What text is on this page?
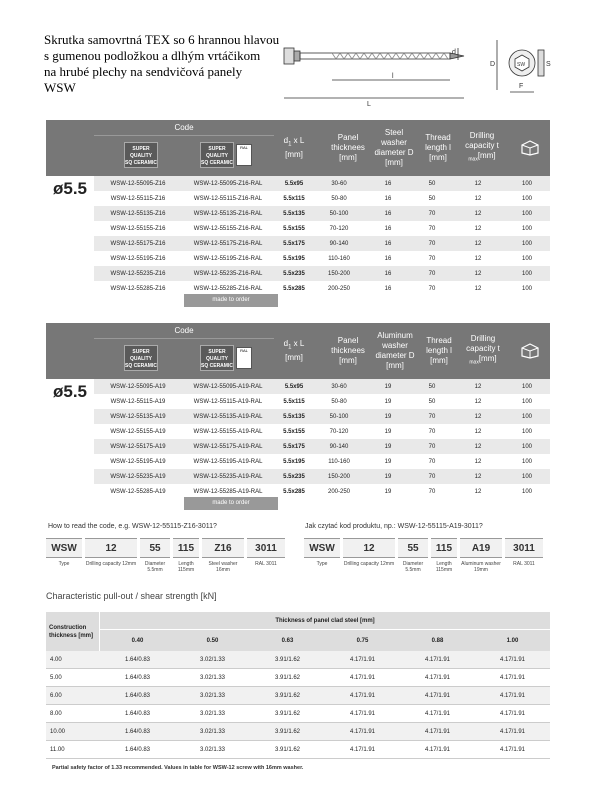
Skrutka samovrtná TEX so 6 hrannou hlavou
s gumenou podložkou a dlhým vrtáčikom
na hrubé plechy na sendvičová panely
WSW
d
l
L
D	SW	S
F
Code
SUPER
QUALITY
SQ CERAMIC
SUPER
QUALITY
SQ CERAMIC
RAL
$d_1$ x L
[mm]
Panel thicknees [mm]
Steel washer diameter D [mm]
Thread length l [mm]
Drilling capacity t
$_{max}$[mm]
ø5.5	WSW-12-55095-Z16	WSW-12-55095-Z16-RAL	5.5x95	30-60	16	50	12	100
WSW-12-55115-Z16	WSW-12-55115-Z16-RAL	5.5x115	50-80	16	50	12	100
WSW-12-55135-Z16	WSW-12-55135-Z16-RAL	5.5x135	50-100	16	70	12	100
WSW-12-55155-Z16	WSW-12-55155-Z16-RAL	5.5x155	70-120	16	70	12	100
WSW-12-55175-Z16	WSW-12-55175-Z16-RAL	5.5x175	90-140	16	70	12	100
WSW-12-55195-Z16	WSW-12-55195-Z16-RAL	5.5x195	110-160	16	70	12	100
WSW-12-55235-Z16	WSW-12-55235-Z16-RAL	5.5x235	150-200	16	70	12	100
WSW-12-55285-Z16	WSW-12-55285-Z16-RAL	5.5x285	200-250	16	70	12	100
made to order
Code
SUPER
QUALITY
SQ CERAMIC
SUPER
QUALITY
SQ CERAMIC
RAL
$d_1$ x L
[mm]
Panel thicknees [mm]
Aluminum washer diameter D [mm]
Thread length l [mm]
Drilling capacity t
$_{max}$[mm]
ø5.5	WSW-12-55095-A19	WSW-12-55095-A19-RAL	5.5x95	30-60	19	50	12	100
WSW-12-55115-A19	WSW-12-55115-A19-RAL	5.5x115	50-80	19	50	12	100
WSW-12-55135-A19	WSW-12-55135-A19-RAL	5.5x135	50-100	19	70	12	100
WSW-12-55155-A19	WSW-12-55155-A19-RAL	5.5x155	70-120	19	70	12	100
WSW-12-55175-A19	WSW-12-55175-A19-RAL	5.5x175	90-140	19	70	12	100
WSW-12-55195-A19	WSW-12-55195-A19-RAL	5.5x195	110-160	19	70	12	100
WSW-12-55235-A19	WSW-12-55235-A19-RAL	5.5x235	150-200	19	70	12	100
WSW-12-55285-A19	WSW-12-55285-A19-RAL	5.5x285	200-250	19	70	12	100
made to order
How to read the code, e.g. WSW-12-55115-Z16-3011?	Jak czytać kod produktu, np.: WSW-12-55115-A19-3011?
WSW
Type
12
Drilling capacity 12mm
55
Diameter 5.5mm
115
Length 115mm
Z16
Steel washer 16mm
3011
RAL 3011
WSW
Type
12
Drilling capacity 12mm
55
Diameter 5.5mm
115
Length 115mm
A19
Aluminum washer 19mm
3011
RAL 3011
Characteristic pull-out / shear strength [kN]
Construction thickness [mm]
Thickness of panel clad steel [mm]
0.40	0.50	0.63	0.75	0.88	1.00
4.00	1.64/0.83	3.02/1.33	3.91/1.62	4.17/1.91	4.17/1.91	4.17/1.91
5.00	1.64/0.83	3.02/1.33	3.91/1.62	4.17/1.91	4.17/1.91	4.17/1.91
6.00	1.64/0.83	3.02/1.33	3.91/1.62	4.17/1.91	4.17/1.91	4.17/1.91
8.00	1.64/0.83	3.02/1.33	3.91/1.62	4.17/1.91	4.17/1.91	4.17/1.91
10.00	1.64/0.83	3.02/1.33	3.91/1.62	4.17/1.91	4.17/1.91	4.17/1.91
11.00	1.64/0.83	3.02/1.33	3.91/1.62	4.17/1.91	4.17/1.91	4.17/1.91
Partial safety factor of 1.33 recommended. Values in table for WSW-12 screw with 16mm washer.
